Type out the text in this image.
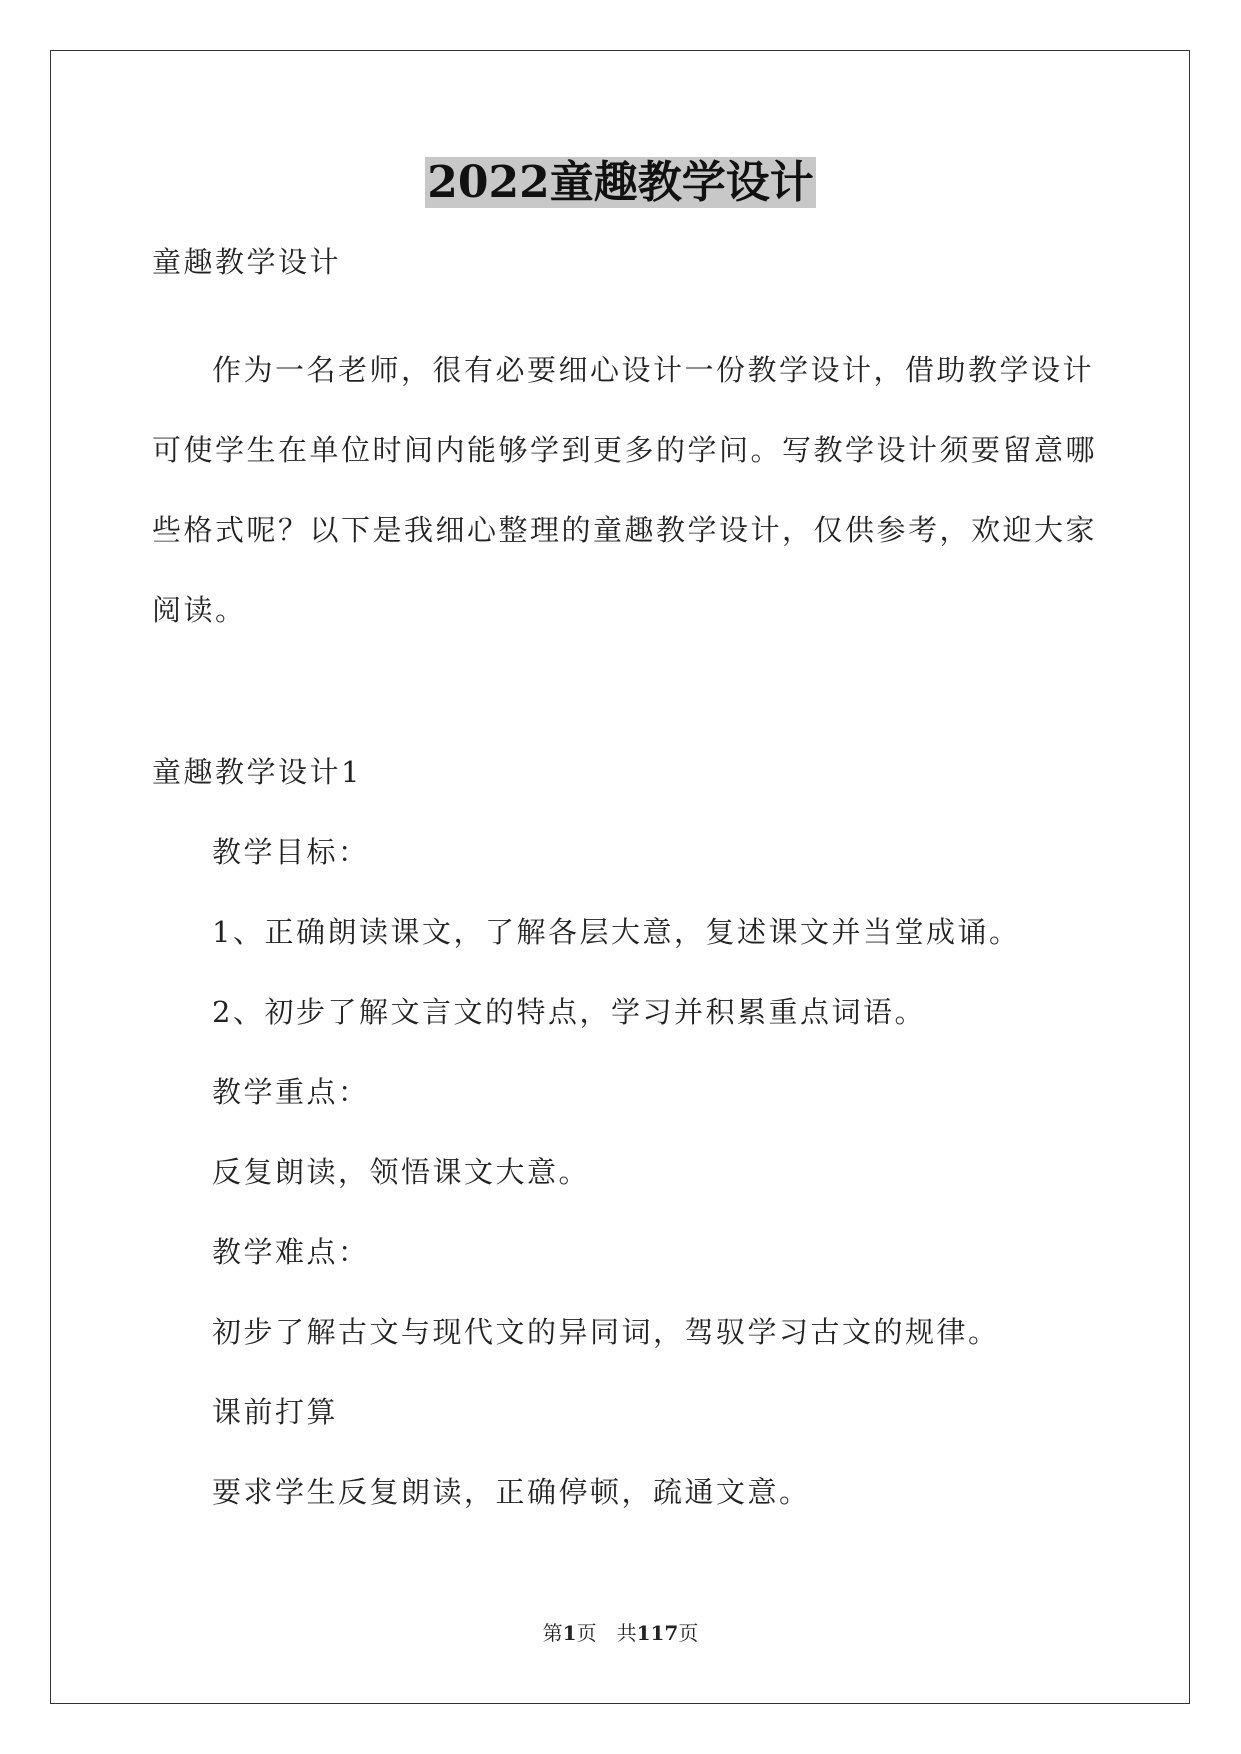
2022童趣教学设计
童趣教学设计
作为一名老师，很有必要细心设计一份教学设计，借助教学设计
可使学生在单位时间内能够学到更多的学问。写教学设计须要留意哪
些格式呢？以下是我细心整理的童趣教学设计，仅供参考，欢迎大家
阅读。
童趣教学设计1
教学目标：
1、正确朗读课文，了解各层大意，复述课文并当堂成诵。
2、初步了解文言文的特点，学习并积累重点词语。
教学重点：
反复朗读，领悟课文大意。
教学难点：
初步了解古文与现代文的异同词，驾驭学习古文的规律。
课前打算
要求学生反复朗读，正确停顿，疏通文意。
第1页　共117页
